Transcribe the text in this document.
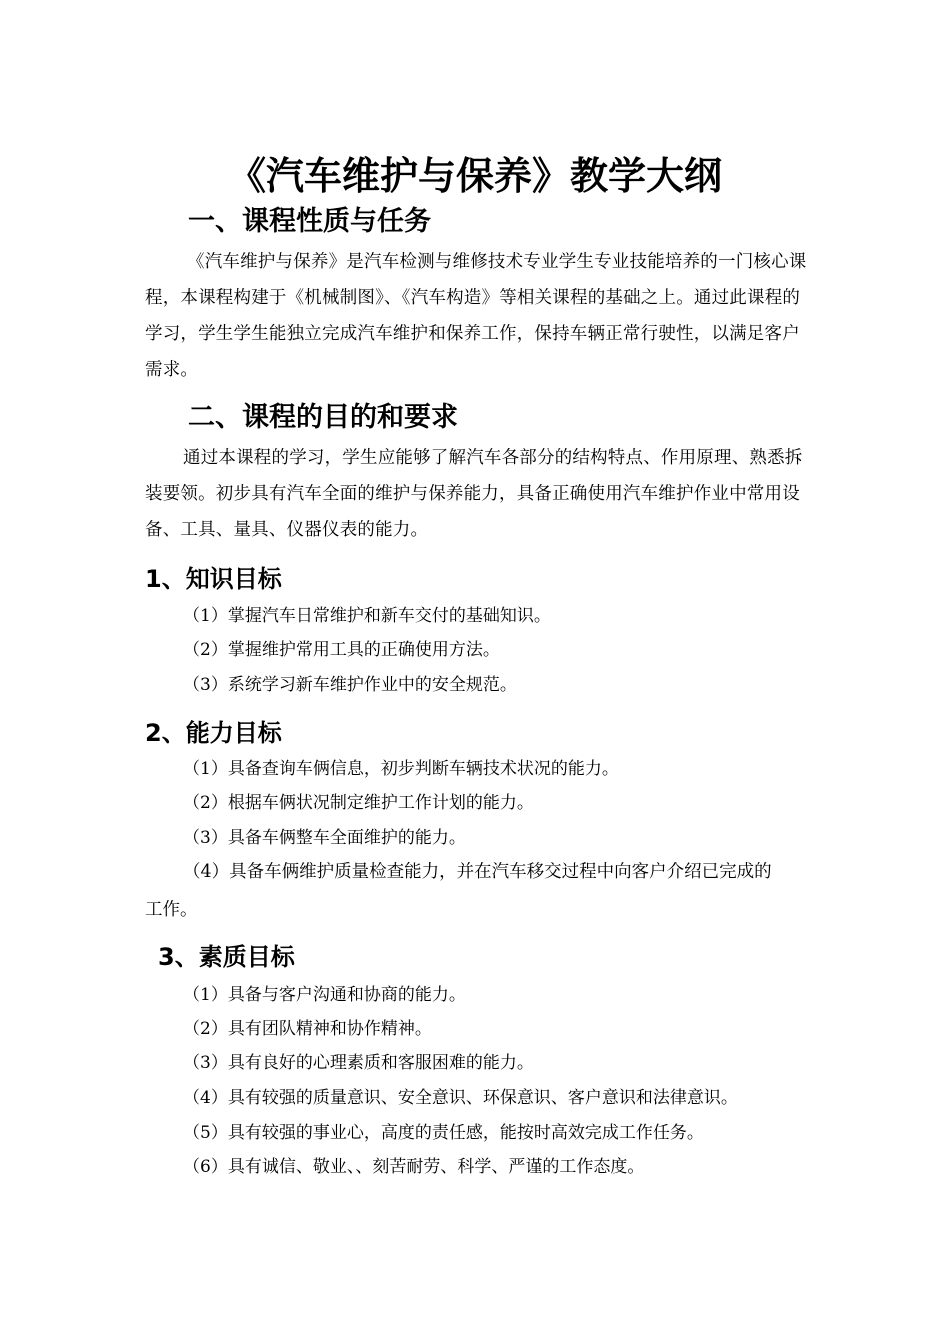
《汽车维护与保养》教学大纲
一、课程性质与任务

《汽车维护与保养》是汽车检测与维修技术专业学生专业技能培养的一门核心课程，本课程构建于《机械制图》、《汽车构造》等相关课程的基础之上。通过此课程的学习，学生学生能独立完成汽车维护和保养工作，保持车辆正常行驶性，以满足客户需求。

二、课程的目的和要求

通过本课程的学习，学生应能够了解汽车各部分的结构特点、作用原理、熟悉拆装要领。初步具有汽车全面的维护与保养能力，具备正确使用汽车维护作业中常用设备、工具、量具、仪器仪表的能力。

1、知识目标
（1）掌握汽车日常维护和新车交付的基础知识。
（2）掌握维护常用工具的正确使用方法。
（3）系统学习新车维护作业中的安全规范。
2、能力目标
（1）具备查询车俩信息，初步判断车辆技术状况的能力。
（2）根据车俩状况制定维护工作计划的能力。
（3）具备车俩整车全面维护的能力。
（4）具备车俩维护质量检查能力，并在汽车移交过程中向客户介绍已完成的
工作。
3、素质目标
（1）具备与客户沟通和协商的能力。
（2）具有团队精神和协作精神。
（3）具有良好的心理素质和客服困难的能力。
（4）具有较强的质量意识、安全意识、环保意识、客户意识和法律意识。
（5）具有较强的事业心，高度的责任感，能按时高效完成工作任务。
（6）具有诚信、敬业、、刻苦耐劳、科学、严谨的工作态度。
